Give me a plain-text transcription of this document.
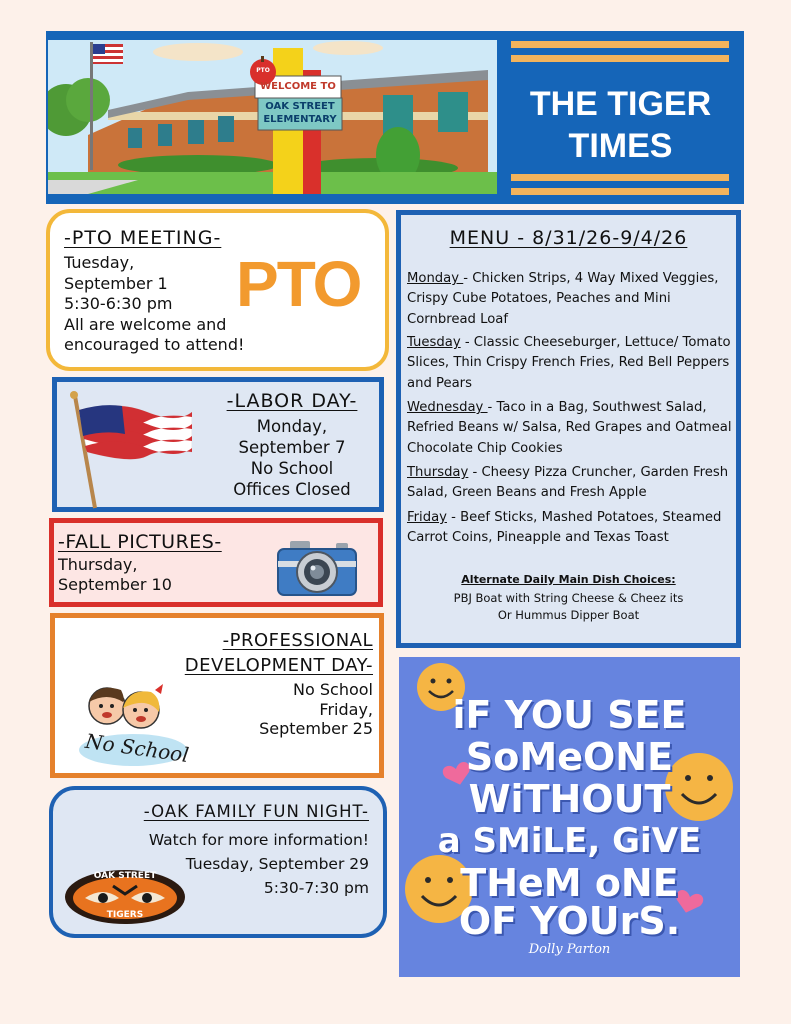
WELCOME TO
OAK STREET
ELEMENTARY
PTO
THE TIGER
TIMES
-PTO MEETING-
Tuesday,
September 1
5:30-6:30 pm
All are welcome and
encouraged to attend!
PTO
-LABOR DAY-
Monday,
September 7
No School
Offices Closed
-FALL PICTURES-
Thursday,
September 10
-PROFESSIONAL
DEVELOPMENT DAY-
No School
Friday,
September 25
No School
-OAK FAMILY FUN NIGHT-
Watch for more information!
Tuesday, September 29
5:30-7:30 pm
OAK STREET
TIGERS
MENU - 8/31/26-9/4/26
Monday - Chicken Strips, 4 Way Mixed Veggies, Crispy Cube Potatoes, Peaches and Mini Cornbread Loaf
Tuesday - Classic Cheeseburger, Lettuce/ Tomato Slices, Thin Crispy French Fries, Red Bell Peppers and Pears
Wednesday - Taco in a Bag, Southwest Salad, Refried Beans w/ Salsa, Red Grapes and Oatmeal Chocolate Chip Cookies
Thursday - Cheesy Pizza Cruncher, Garden Fresh Salad, Green Beans and Fresh Apple
Friday - Beef Sticks, Mashed Potatoes, Steamed Carrot Coins, Pineapple and Texas Toast
Alternate Daily Main Dish Choices:
PBJ Boat with String Cheese & Cheez its
Or Hummus Dipper Boat
iF YOU SEE
SoMeONE
WiTHOUT
a SMiLE, GiVE
THeM oNE
OF YOUrS.
Dolly Parton
